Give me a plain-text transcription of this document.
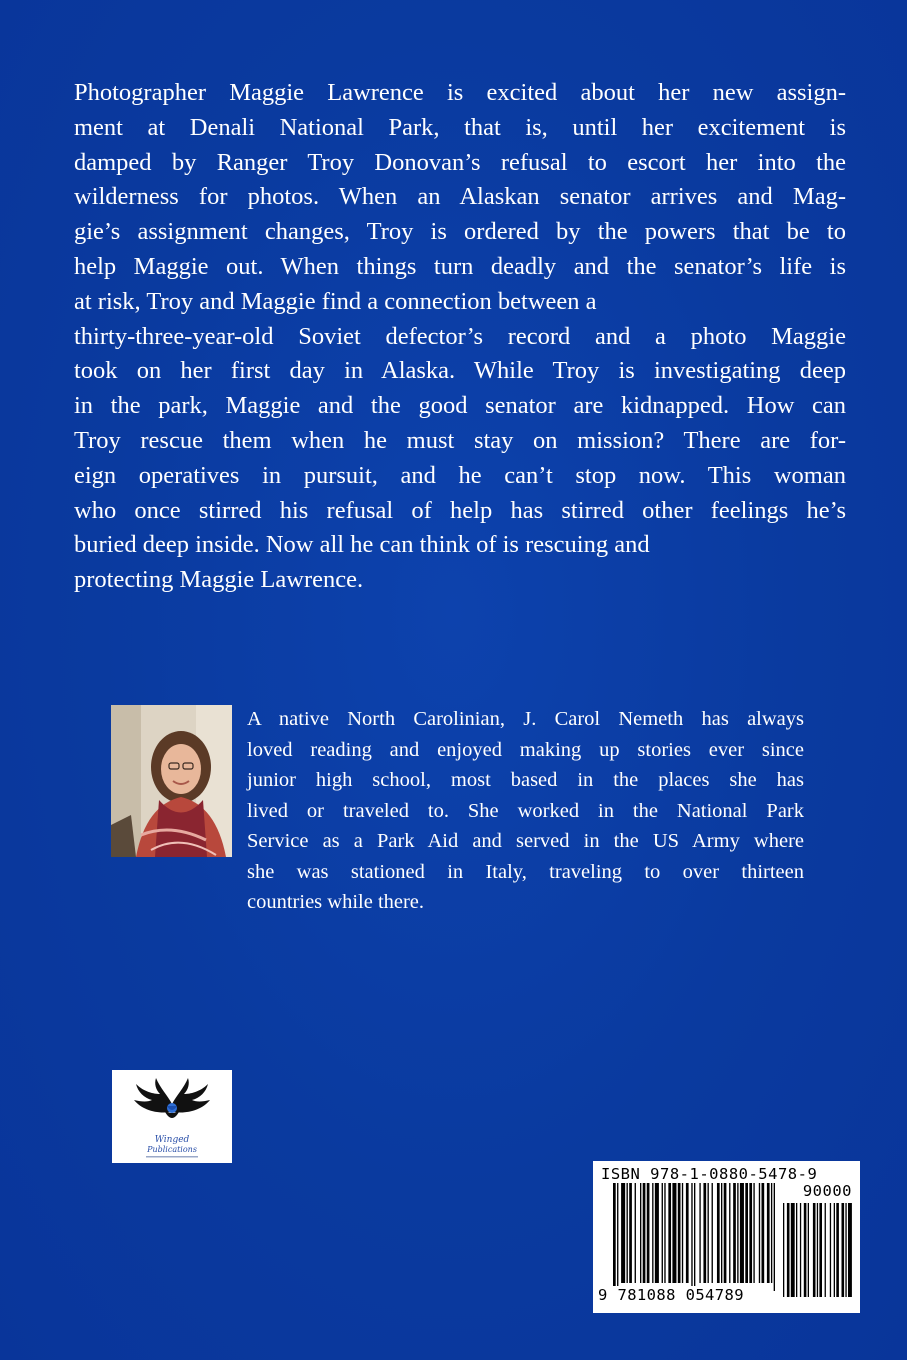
Photographer Maggie Lawrence is excited about her new assign-
ment at Denali National Park, that is, until her excitement is
damped by Ranger Troy Donovan’s refusal to escort her into the
wilderness for photos. When an Alaskan senator arrives and Mag-
gie’s assignment changes, Troy is ordered by the powers that be to
help Maggie out. When things turn deadly and the senator’s life is
at risk, Troy and Maggie find a connection between a
thirty-three-year-old Soviet defector’s record and a photo Maggie
took on her first day in Alaska. While Troy is investigating deep
in the park, Maggie and the good senator are kidnapped. How can
Troy rescue them when he must stay on mission? There are for-
eign operatives in pursuit, and he can’t stop now. This woman
who once stirred his refusal of help has stirred other feelings he’s
buried deep inside. Now all he can think of is rescuing and
protecting Maggie Lawrence.
A native North Carolinian, J. Carol Nemeth has always
loved reading and enjoyed making up stories ever since
junior high school, most based in the places she has
lived or traveled to. She worked in the National Park
Service as a Park Aid and served in the US Army where
she was stationed in Italy, traveling to over thirteen
countries while there.
Winged
Publications
ISBN 978-1-0880-5478-9
90000
9 781088 054789
